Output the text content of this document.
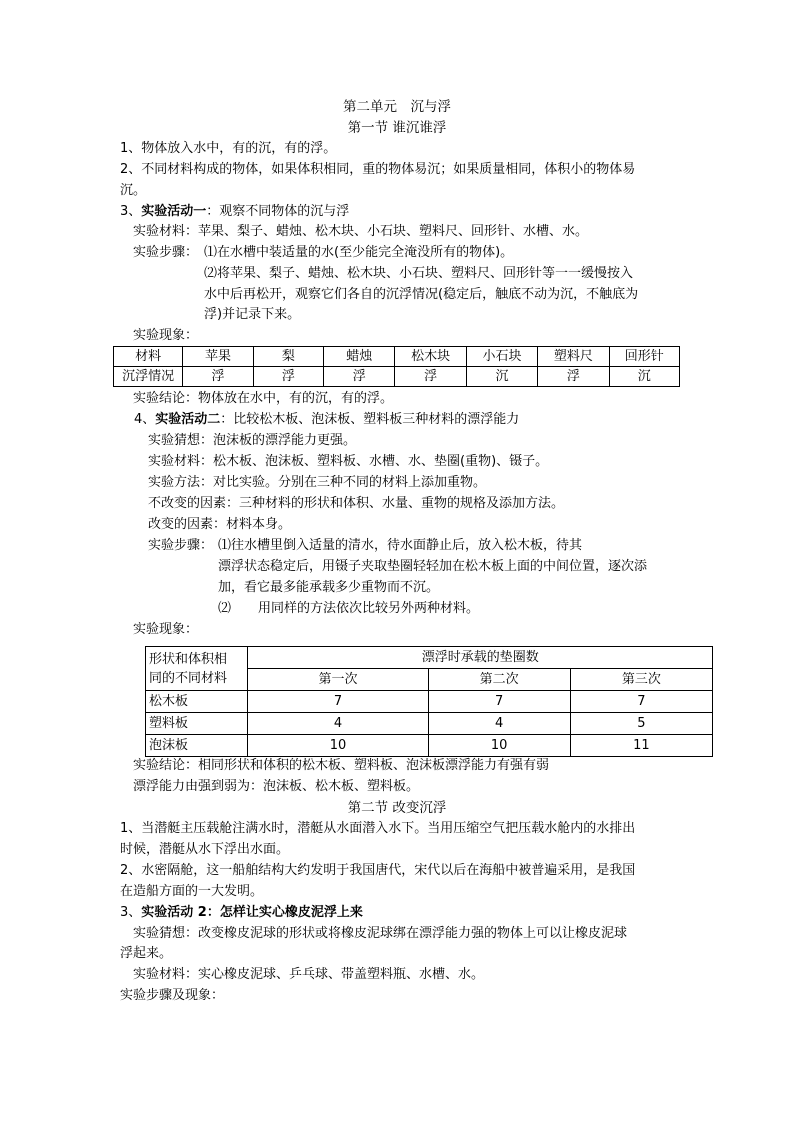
第二单元　沉与浮
第一节 谁沉谁浮
1、物体放入水中，有的沉，有的浮。
2、不同材料构成的物体，如果体积相同，重的物体易沉；如果质量相同，体积小的物体易
沉。
3、实验活动一：观察不同物体的沉与浮
实验材料：苹果、梨子、蜡烛、松木块、小石块、塑料尺、回形针、水槽、水。
实验步骤： ⑴在水槽中装适量的水(至少能完全淹没所有的物体)。
⑵将苹果、梨子、蜡烛、松木块、小石块、塑料尺、回形针等一一缓慢按入
水中后再松开，观察它们各自的沉浮情况(稳定后，触底不动为沉，不触底为
浮)并记录下来。
实验现象：
材料	苹果	梨	蜡烛	松木块	小石块	塑料尺	回形针
沉浮情况	浮	浮	浮	浮	沉	浮	沉
实验结论：物体放在水中，有的沉，有的浮。
4、实验活动二：比较松木板、泡沫板、塑料板三种材料的漂浮能力
实验猜想：泡沫板的漂浮能力更强。
实验材料：松木板、泡沫板、塑料板、水槽、水、垫圈(重物)、镊子。
实验方法：对比实验。分别在三种不同的材料上添加重物。
不改变的因素：三种材料的形状和体积、水量、重物的规格及添加方法。
改变的因素：材料本身。
实验步骤： ⑴往水槽里倒入适量的清水，待水面静止后，放入松木板，待其
漂浮状态稳定后，用镊子夹取垫圈轻轻加在松木板上面的中间位置，逐次添
加，看它最多能承载多少重物而不沉。
⑵ 用同样的方法依次比较另外两种材料。
实验现象：
形状和体积相
同的不同材料	漂浮时承载的垫圈数		
	第一次	第二次	第三次
松木板	7	7	7
塑料板	4	4	5
泡沫板	10	10	11
实验结论：相同形状和体积的松木板、塑料板、泡沫板漂浮能力有强有弱
漂浮能力由强到弱为：泡沫板、松木板、塑料板。
第二节 改变沉浮
1、当潜艇主压载舱注满水时，潜艇从水面潜入水下。当用压缩空气把压载水舱内的水排出
时候，潜艇从水下浮出水面。
2、水密隔舱，这一船舶结构大约发明于我国唐代，宋代以后在海船中被普遍采用，是我国
在造船方面的一大发明。
3、实验活动 2：怎样让实心橡皮泥浮上来
实验猜想：改变橡皮泥球的形状或将橡皮泥球绑在漂浮能力强的物体上可以让橡皮泥球
浮起来。
实验材料：实心橡皮泥球、乒乓球、带盖塑料瓶、水槽、水。
实验步骤及现象：
